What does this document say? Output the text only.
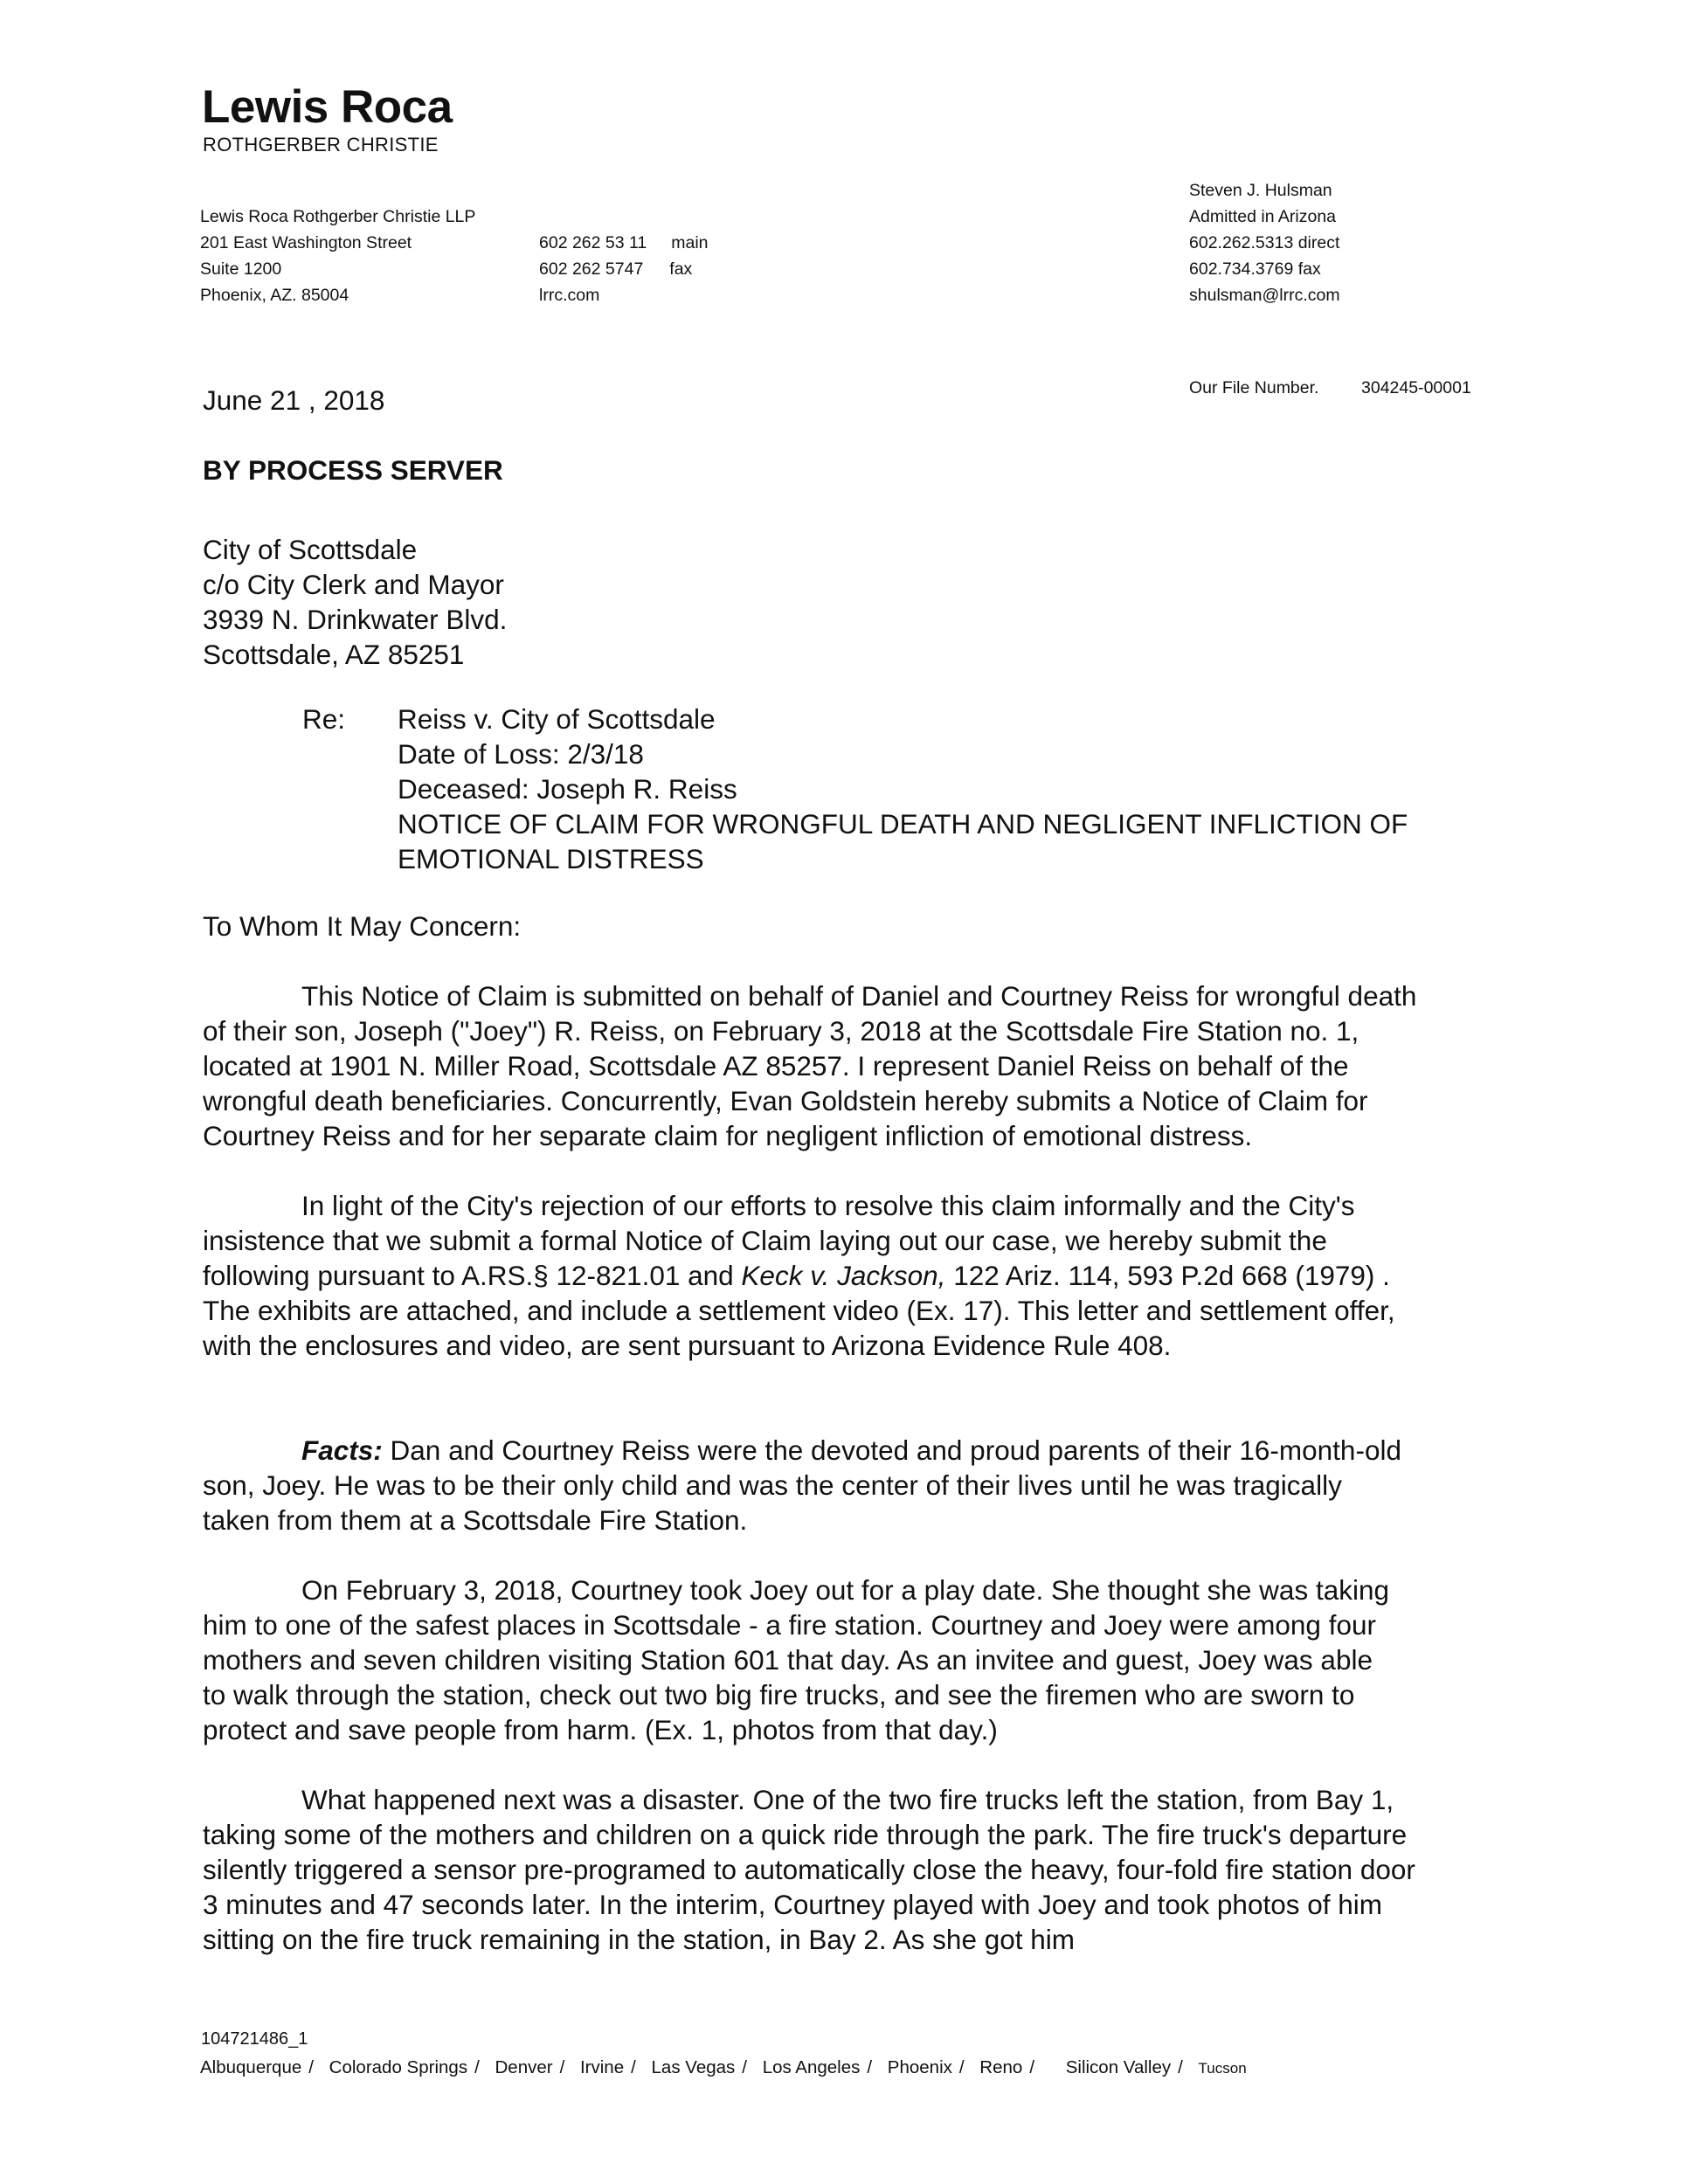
Lewis Roca
ROTHGERBER CHRISTIE
Lewis Roca Rothgerber Christie LLP
201 East Washington Street
Suite 1200
Phoenix, AZ. 85004
602 262 53 11 main
602 262 5747 fax
lrrc.com
Steven J. Hulsman
Admitted in Arizona
602.262.5313 direct
602.734.3769 fax
shulsman@lrrc.com
Our File Number. 304245-00001
June 21 , 2018
BY PROCESS SERVER
City of Scottsdale
c/o City Clerk and Mayor
3939 N. Drinkwater Blvd.
Scottsdale, AZ 85251
Re: Reiss v. City of Scottsdale
Date of Loss: 2/3/18
Deceased: Joseph R. Reiss
NOTICE OF CLAIM FOR WRONGFUL DEATH AND NEGLIGENT INFLICTION OF
EMOTIONAL DISTRESS
To Whom It May Concern:
This Notice of Claim is submitted on behalf of Daniel and Courtney Reiss for wrongful death
of their son, Joseph ("Joey") R. Reiss, on February 3, 2018 at the Scottsdale Fire Station no. 1,
located at 1901 N. Miller Road, Scottsdale AZ 85257. I represent Daniel Reiss on behalf of the
wrongful death beneficiaries. Concurrently, Evan Goldstein hereby submits a Notice of Claim for
Courtney Reiss and for her separate claim for negligent infliction of emotional distress.
In light of the City's rejection of our efforts to resolve this claim informally and the City's
insistence that we submit a formal Notice of Claim laying out our case, we hereby submit the
following pursuant to A.RS.§ 12-821.01 and Keck v. Jackson, 122 Ariz. 114, 593 P.2d 668 (1979) .
The exhibits are attached, and include a settlement video (Ex. 17). This letter and settlement offer,
with the enclosures and video, are sent pursuant to Arizona Evidence Rule 408.
Facts: Dan and Courtney Reiss were the devoted and proud parents of their 16-month-old
son, Joey. He was to be their only child and was the center of their lives until he was tragically
taken from them at a Scottsdale Fire Station.
On February 3, 2018, Courtney took Joey out for a play date. She thought she was taking
him to one of the safest places in Scottsdale - a fire station. Courtney and Joey were among four
mothers and seven children visiting Station 601 that day. As an invitee and guest, Joey was able
to walk through the station, check out two big fire trucks, and see the firemen who are sworn to
protect and save people from harm. (Ex. 1, photos from that day.)
What happened next was a disaster. One of the two fire trucks left the station, from Bay 1,
taking some of the mothers and children on a quick ride through the park. The fire truck's departure
silently triggered a sensor pre-programed to automatically close the heavy, four-fold fire station door
3 minutes and 47 seconds later. In the interim, Courtney played with Joey and took photos of him
sitting on the fire truck remaining in the station, in Bay 2. As she got him
104721486_1
Albuquerque / Colorado Springs / Denver / Irvine / Las Vegas / Los Angeles / Phoenix / Reno / Silicon Valley / Tucson
